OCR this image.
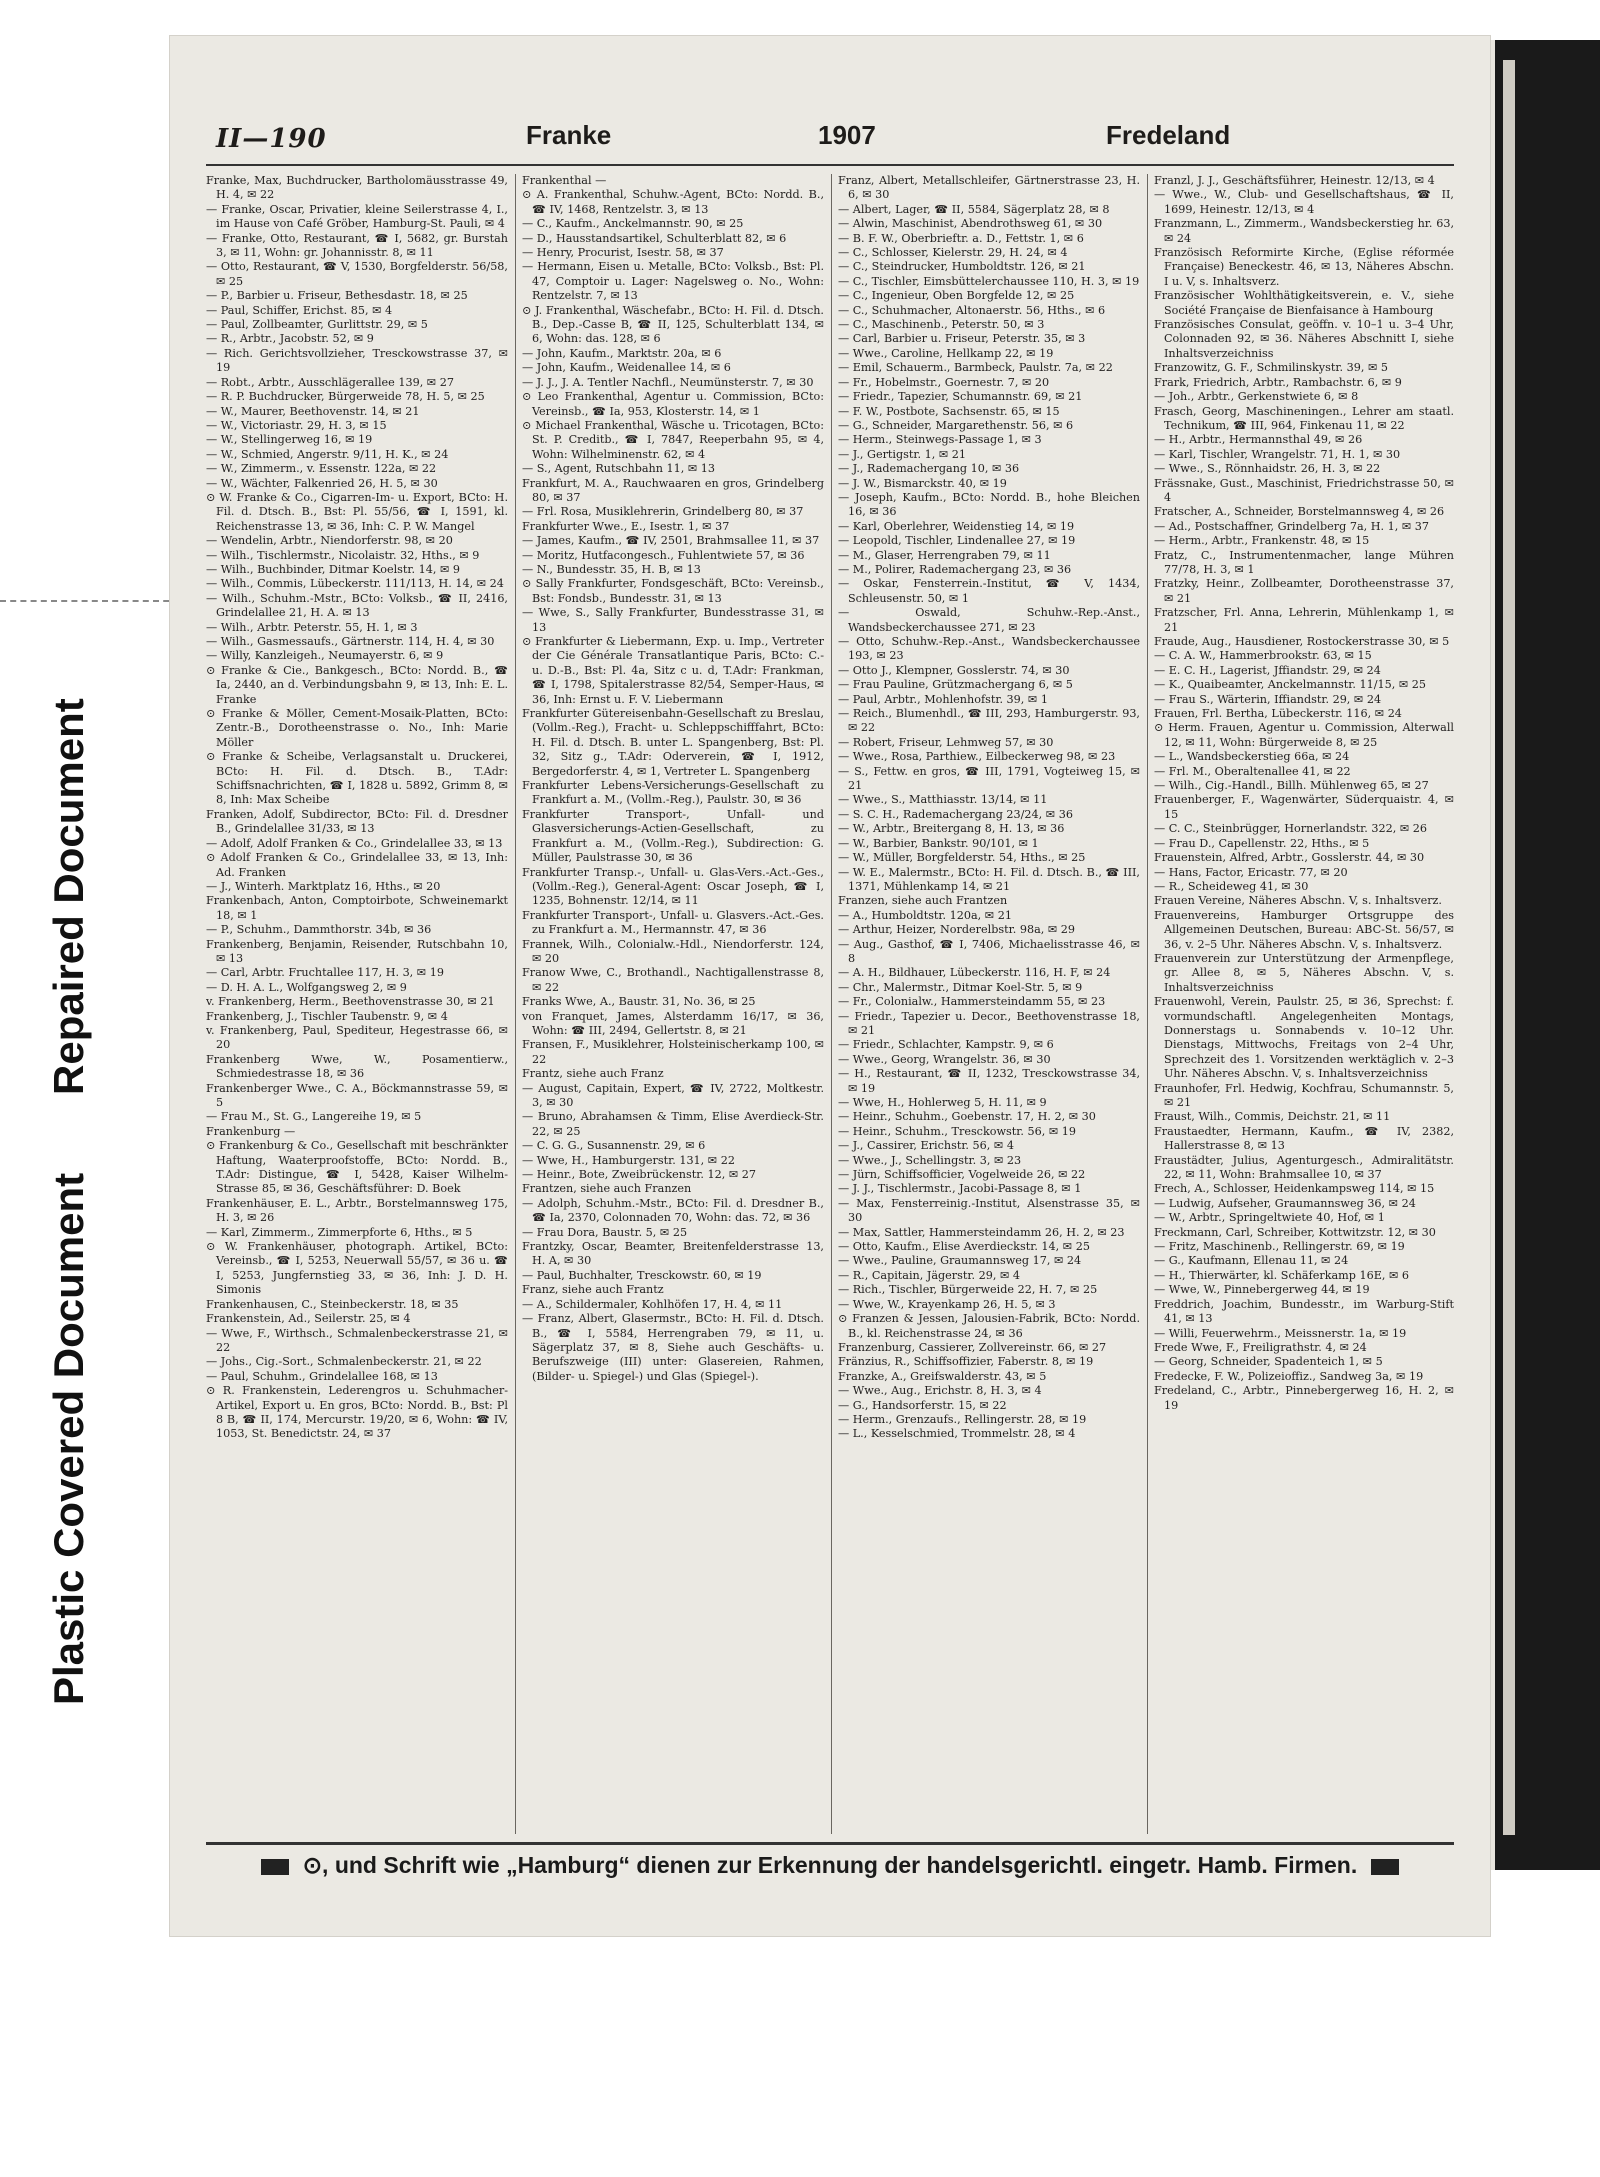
Repaired Document
Plastic Covered Document
II—190	Franke	1907	Fredeland
Franke, Max, Buchdrucker, Bartholomäusstrasse 49, H. 4, ✉ 22
— Franke, Oscar, Privatier, kleine Seilerstrasse 4, I., im Hause von Café Gröber, Hamburg-St. Pauli, ✉ 4
— Franke, Otto, Restaurant, ☎ I, 5682, gr. Burstah 3, ✉ 11, Wohn: gr. Johannisstr. 8, ✉ 11
— Otto, Restaurant, ☎ V, 1530, Borgfelderstr. 56/58, ✉ 25
— P., Barbier u. Friseur, Bethesdastr. 18, ✉ 25
— Paul, Schiffer, Erichst. 85, ✉ 4
— Paul, Zollbeamter, Gurlittstr. 29, ✉ 5
— R., Arbtr., Jacobstr. 52, ✉ 9
— Rich. Gerichtsvollzieher, Tresckowstrasse 37, ✉ 19
— Robt., Arbtr., Ausschlägerallee 139, ✉ 27
— R. P. Buchdrucker, Bürgerweide 78, H. 5, ✉ 25
— W., Maurer, Beethovenstr. 14, ✉ 21
— W., Victoriastr. 29, H. 3, ✉ 15
— W., Stellingerweg 16, ✉ 19
— W., Schmied, Angerstr. 9/11, H. K., ✉ 24
— W., Zimmerm., v. Essenstr. 122a, ✉ 22
— W., Wächter, Falkenried 26, H. 5, ✉ 30
⊙ W. Franke & Co., Cigarren-Im- u. Export, BCto: H. Fil. d. Dtsch. B., Bst: Pl. 55/56, ☎ I, 1591, kl. Reichenstrasse 13, ✉ 36, Inh: C. P. W. Mangel
— Wendelin, Arbtr., Niendorferstr. 98, ✉ 20
— Wilh., Tischlermstr., Nicolaistr. 32, Hths., ✉ 9
— Wilh., Buchbinder, Ditmar Koelstr. 14, ✉ 9
— Wilh., Commis, Lübeckerstr. 111/113, H. 14, ✉ 24
— Wilh., Schuhm.-Mstr., BCto: Volksb., ☎ II, 2416, Grindelallee 21, H. A. ✉ 13
— Wilh., Arbtr. Peterstr. 55, H. 1, ✉ 3
— Wilh., Gasmessaufs., Gärtnerstr. 114, H. 4, ✉ 30
— Willy, Kanzleigeh., Neumayerstr. 6, ✉ 9
⊙ Franke & Cie., Bankgesch., BCto: Nordd. B., ☎ Ia, 2440, an d. Verbindungsbahn 9, ✉ 13, Inh: E. L. Franke
⊙ Franke & Möller, Cement-Mosaik-Platten, BCto: Zentr.-B., Dorotheenstrasse o. No., Inh: Marie Möller
⊙ Franke & Scheibe, Verlagsanstalt u. Druckerei, BCto: H. Fil. d. Dtsch. B., T.Adr: Schiffsnachrichten, ☎ I, 1828 u. 5892, Grimm 8, ✉ 8, Inh: Max Scheibe
Franken, Adolf, Subdirector, BCto: Fil. d. Dresdner B., Grindelallee 31/33, ✉ 13
— Adolf, Adolf Franken & Co., Grindelallee 33, ✉ 13
⊙ Adolf Franken & Co., Grindelallee 33, ✉ 13, Inh: Ad. Franken
— J., Winterh. Marktplatz 16, Hths., ✉ 20
Frankenbach, Anton, Comptoirbote, Schweinemarkt 18, ✉ 1
— P., Schuhm., Dammthorstr. 34b, ✉ 36
Frankenberg, Benjamin, Reisender, Rutschbahn 10, ✉ 13
— Carl, Arbtr. Fruchtallee 117, H. 3, ✉ 19
— D. H. A. L., Wolfgangsweg 2, ✉ 9
v. Frankenberg, Herm., Beethovenstrasse 30, ✉ 21
Frankenberg, J., Tischler Taubenstr. 9, ✉ 4
v. Frankenberg, Paul, Spediteur, Hegestrasse 66, ✉ 20
Frankenberg Wwe, W., Posamentierw., Schmiedestrasse 18, ✉ 36
Frankenberger Wwe., C. A., Böckmannstrasse 59, ✉ 5
— Frau M., St. G., Langereihe 19, ✉ 5
Frankenburg —
⊙ Frankenburg & Co., Gesellschaft mit beschränkter Haftung, Waaterproofstoffe, BCto: Nordd. B., T.Adr: Distingue, ☎ I, 5428, Kaiser Wilhelm-Strasse 85, ✉ 36, Geschäftsführer: D. Boek
Frankenhäuser, E. L., Arbtr., Borstelmannsweg 175, H. 3, ✉ 26
— Karl, Zimmerm., Zimmerpforte 6, Hths., ✉ 5
⊙ W. Frankenhäuser, photograph. Artikel, BCto: Vereinsb., ☎ I, 5253, Neuerwall 55/57, ✉ 36 u. ☎ I, 5253, Jungfernstieg 33, ✉ 36, Inh: J. D. H. Simonis
Frankenhausen, C., Steinbeckerstr. 18, ✉ 35
Frankenstein, Ad., Seilerstr. 25, ✉ 4
— Wwe, F., Wirthsch., Schmalenbeckerstrasse 21, ✉ 22
— Johs., Cig.-Sort., Schmalenbeckerstr. 21, ✉ 22
— Paul, Schuhm., Grindelallee 168, ✉ 13
⊙ R. Frankenstein, Lederengros u. Schuhmacher-Artikel, Export u. En gros, BCto: Nordd. B., Bst: Pl 8 B, ☎ II, 174, Mercurstr. 19/20, ✉ 6, Wohn: ☎ IV, 1053, St. Benedictstr. 24, ✉ 37
Frankenthal —
⊙ A. Frankenthal, Schuhw.-Agent, BCto: Nordd. B., ☎ IV, 1468, Rentzelstr. 3, ✉ 13
— C., Kaufm., Anckelmannstr. 90, ✉ 25
— D., Hausstandsartikel, Schulterblatt 82, ✉ 6
— Henry, Procurist, Isestr. 58, ✉ 37
— Hermann, Eisen u. Metalle, BCto: Volksb., Bst: Pl. 47, Comptoir u. Lager: Nagelsweg o. No., Wohn: Rentzelstr. 7, ✉ 13
⊙ J. Frankenthal, Wäschefabr., BCto: H. Fil. d. Dtsch. B., Dep.-Casse B, ☎ II, 125, Schulterblatt 134, ✉ 6, Wohn: das. 128, ✉ 6
— John, Kaufm., Marktstr. 20a, ✉ 6
— John, Kaufm., Weidenallee 14, ✉ 6
— J. J., J. A. Tentler Nachfl., Neumünsterstr. 7, ✉ 30
⊙ Leo Frankenthal, Agentur u. Commission, BCto: Vereinsb., ☎ Ia, 953, Klosterstr. 14, ✉ 1
⊙ Michael Frankenthal, Wäsche u. Tricotagen, BCto: St. P. Creditb., ☎ I, 7847, Reeperbahn 95, ✉ 4, Wohn: Wilhelminenstr. 62, ✉ 4
— S., Agent, Rutschbahn 11, ✉ 13
Frankfurt, M. A., Rauchwaaren en gros, Grindelberg 80, ✉ 37
— Frl. Rosa, Musiklehrerin, Grindelberg 80, ✉ 37
Frankfurter Wwe., E., Isestr. 1, ✉ 37
— James, Kaufm., ☎ IV, 2501, Brahmsallee 11, ✉ 37
— Moritz, Hutfacongesch., Fuhlentwiete 57, ✉ 36
— N., Bundesstr. 35, H. B, ✉ 13
⊙ Sally Frankfurter, Fondsgeschäft, BCto: Vereinsb., Bst: Fondsb., Bundesstr. 31, ✉ 13
— Wwe, S., Sally Frankfurter, Bundesstrasse 31, ✉ 13
⊙ Frankfurter & Liebermann, Exp. u. Imp., Vertreter der Cie Générale Transatlantique Paris, BCto: C.- u. D.-B., Bst: Pl. 4a, Sitz c u. d, T.Adr: Frankman, ☎ I, 1798, Spitalerstrasse 82/54, Semper-Haus, ✉ 36, Inh: Ernst u. F. V. Liebermann
Frankfurter Gütereisenbahn-Gesellschaft zu Breslau, (Vollm.-Reg.), Fracht- u. Schleppschifffahrt, BCto: H. Fil. d. Dtsch. B. unter L. Spangenberg, Bst: Pl. 32, Sitz g., T.Adr: Oderverein, ☎ I, 1912, Bergedorferstr. 4, ✉ 1, Vertreter L. Spangenberg
Frankfurter Lebens-Versicherungs-Gesellschaft zu Frankfurt a. M., (Vollm.-Reg.), Paulstr. 30, ✉ 36
Frankfurter Transport-, Unfall- und Glasversicherungs-Actien-Gesellschaft, zu Frankfurt a. M., (Vollm.-Reg.), Subdirection: G. Müller, Paulstrasse 30, ✉ 36
Frankfurter Transp.-, Unfall- u. Glas-Vers.-Act.-Ges., (Vollm.-Reg.), General-Agent: Oscar Joseph, ☎ I, 1235, Bohnenstr. 12/14, ✉ 11
Frankfurter Transport-, Unfall- u. Glasvers.-Act.-Ges. zu Frankfurt a. M., Hermannstr. 47, ✉ 36
Frannek, Wilh., Colonialw.-Hdl., Niendorferstr. 124, ✉ 20
Franow Wwe, C., Brothandl., Nachtigallenstrasse 8, ✉ 22
Franks Wwe, A., Baustr. 31, No. 36, ✉ 25
von Franquet, James, Alsterdamm 16/17, ✉ 36, Wohn: ☎ III, 2494, Gellertstr. 8, ✉ 21
Fransen, F., Musiklehrer, Holsteinischerkamp 100, ✉ 22
Frantz, siehe auch Franz
— August, Capitain, Expert, ☎ IV, 2722, Moltkestr. 3, ✉ 30
— Bruno, Abrahamsen & Timm, Elise Averdieck-Str. 22, ✉ 25
— C. G. G., Susannenstr. 29, ✉ 6
— Wwe, H., Hamburgerstr. 131, ✉ 22
— Heinr., Bote, Zweibrückenstr. 12, ✉ 27
Frantzen, siehe auch Franzen
— Adolph, Schuhm.-Mstr., BCto: Fil. d. Dresdner B., ☎ Ia, 2370, Colonnaden 70, Wohn: das. 72, ✉ 36
— Frau Dora, Baustr. 5, ✉ 25
Frantzky, Oscar, Beamter, Breitenfelderstrasse 13, H. A, ✉ 30
— Paul, Buchhalter, Tresckowstr. 60, ✉ 19
Franz, siehe auch Frantz
— A., Schildermaler, Kohlhöfen 17, H. 4, ✉ 11
— Franz, Albert, Glasermstr., BCto: H. Fil. d. Dtsch. B., ☎ I, 5584, Herrengraben 79, ✉ 11, u. Sägerplatz 37, ✉ 8, Siehe auch Geschäfts- u. Berufszweige (III) unter: Glasereien, Rahmen, (Bilder- u. Spiegel-) und Glas (Spiegel-).
Franz, Albert, Metallschleifer, Gärtnerstrasse 23, H. 6, ✉ 30
— Albert, Lager, ☎ II, 5584, Sägerplatz 28, ✉ 8
— Alwin, Maschinist, Abendrothsweg 61, ✉ 30
— B. F. W., Oberbrieftr. a. D., Fettstr. 1, ✉ 6
— C., Schlosser, Kielerstr. 29, H. 24, ✉ 4
— C., Steindrucker, Humboldtstr. 126, ✉ 21
— C., Tischler, Eimsbüttelerchaussee 110, H. 3, ✉ 19
— C., Ingenieur, Oben Borgfelde 12, ✉ 25
— C., Schuhmacher, Altonaerstr. 56, Hths., ✉ 6
— C., Maschinenb., Peterstr. 50, ✉ 3
— Carl, Barbier u. Friseur, Peterstr. 35, ✉ 3
— Wwe., Caroline, Hellkamp 22, ✉ 19
— Emil, Schauerm., Barmbeck, Paulstr. 7a, ✉ 22
— Fr., Hobelmstr., Goernestr. 7, ✉ 20
— Friedr., Tapezier, Schumannstr. 69, ✉ 21
— F. W., Postbote, Sachsenstr. 65, ✉ 15
— G., Schneider, Margarethenstr. 56, ✉ 6
— Herm., Steinwegs-Passage 1, ✉ 3
— J., Gertigstr. 1, ✉ 21
— J., Rademachergang 10, ✉ 36
— J. W., Bismarckstr. 40, ✉ 19
— Joseph, Kaufm., BCto: Nordd. B., hohe Bleichen 16, ✉ 36
— Karl, Oberlehrer, Weidenstieg 14, ✉ 19
— Leopold, Tischler, Lindenallee 27, ✉ 19
— M., Glaser, Herrengraben 79, ✉ 11
— M., Polirer, Rademachergang 23, ✉ 36
— Oskar, Fensterrein.-Institut, ☎ V, 1434, Schleusenstr. 50, ✉ 1
— Oswald, Schuhw.-Rep.-Anst., Wandsbeckerchaussee 271, ✉ 23
— Otto, Schuhw.-Rep.-Anst., Wandsbeckerchaussee 193, ✉ 23
— Otto J., Klempner, Gosslerstr. 74, ✉ 30
— Frau Pauline, Grützmachergang 6, ✉ 5
— Paul, Arbtr., Mohlenhofstr. 39, ✉ 1
— Reich., Blumenhdl., ☎ III, 293, Hamburgerstr. 93, ✉ 22
— Robert, Friseur, Lehmweg 57, ✉ 30
— Wwe., Rosa, Parthiew., Eilbeckerweg 98, ✉ 23
— S., Fettw. en gros, ☎ III, 1791, Vogteiweg 15, ✉ 21
— Wwe., S., Matthiasstr. 13/14, ✉ 11
— S. C. H., Rademachergang 23/24, ✉ 36
— W., Arbtr., Breitergang 8, H. 13, ✉ 36
— W., Barbier, Bankstr. 90/101, ✉ 1
— W., Müller, Borgfelderstr. 54, Hths., ✉ 25
— W. E., Malermstr., BCto: H. Fil. d. Dtsch. B., ☎ III, 1371, Mühlenkamp 14, ✉ 21
Franzen, siehe auch Frantzen
— A., Humboldtstr. 120a, ✉ 21
— Arthur, Heizer, Norderelbstr. 98a, ✉ 29
— Aug., Gasthof, ☎ I, 7406, Michaelisstrasse 46, ✉ 8
— A. H., Bildhauer, Lübeckerstr. 116, H. F, ✉ 24
— Chr., Malermstr., Ditmar Koel-Str. 5, ✉ 9
— Fr., Colonialw., Hammersteindamm 55, ✉ 23
— Friedr., Tapezier u. Decor., Beethovenstrasse 18, ✉ 21
— Friedr., Schlachter, Kampstr. 9, ✉ 6
— Wwe., Georg, Wrangelstr. 36, ✉ 30
— H., Restaurant, ☎ II, 1232, Tresckowstrasse 34, ✉ 19
— Wwe, H., Hohlerweg 5, H. 11, ✉ 9
— Heinr., Schuhm., Goebenstr. 17, H. 2, ✉ 30
— Heinr., Schuhm., Tresckowstr. 56, ✉ 19
— J., Cassirer, Erichstr. 56, ✉ 4
— Wwe., J., Schellingstr. 3, ✉ 23
— Jürn, Schiffsofficier, Vogelweide 26, ✉ 22
— J. J., Tischlermstr., Jacobi-Passage 8, ✉ 1
— Max, Fensterreinig.-Institut, Alsenstrasse 35, ✉ 30
— Max, Sattler, Hammersteindamm 26, H. 2, ✉ 23
— Otto, Kaufm., Elise Averdieckstr. 14, ✉ 25
— Wwe., Pauline, Graumannsweg 17, ✉ 24
— R., Capitain, Jägerstr. 29, ✉ 4
— Rich., Tischler, Bürgerweide 22, H. 7, ✉ 25
— Wwe, W., Krayenkamp 26, H. 5, ✉ 3
⊙ Franzen & Jessen, Jalousien-Fabrik, BCto: Nordd. B., kl. Reichenstrasse 24, ✉ 36
Franzenburg, Cassierer, Zollvereinstr. 66, ✉ 27
Fränzius, R., Schiffsoffizier, Faberstr. 8, ✉ 19
Franzke, A., Greifswalderstr. 43, ✉ 5
— Wwe., Aug., Erichstr. 8, H. 3, ✉ 4
— G., Handsorferstr. 15, ✉ 22
— Herm., Grenzaufs., Rellingerstr. 28, ✉ 19
— L., Kesselschmied, Trommelstr. 28, ✉ 4
Franzl, J. J., Geschäftsführer, Heinestr. 12/13, ✉ 4
— Wwe., W., Club- und Gesellschaftshaus, ☎ II, 1699, Heinestr. 12/13, ✉ 4
Franzmann, L., Zimmerm., Wandsbeckerstieg hr. 63, ✉ 24
Französisch Reformirte Kirche, (Eglise réformée Française) Beneckestr. 46, ✉ 13, Näheres Abschn. I u. V, s. Inhaltsverz.
Französischer Wohlthätigkeitsverein, e. V., siehe Société Française de Bienfaisance à Hambourg
Französisches Consulat, geöffn. v. 10–1 u. 3–4 Uhr, Colonnaden 92, ✉ 36. Näheres Abschnitt I, siehe Inhaltsverzeichniss
Franzowitz, G. F., Schmilinskystr. 39, ✉ 5
Frark, Friedrich, Arbtr., Rambachstr. 6, ✉ 9
— Joh., Arbtr., Gerkenstwiete 6, ✉ 8
Frasch, Georg, Maschineningen., Lehrer am staatl. Technikum, ☎ III, 964, Finkenau 11, ✉ 22
— H., Arbtr., Hermannsthal 49, ✉ 26
— Karl, Tischler, Wrangelstr. 71, H. 1, ✉ 30
— Wwe., S., Rönnhaidstr. 26, H. 3, ✉ 22
Frässnake, Gust., Maschinist, Friedrichstrasse 50, ✉ 4
Fratscher, A., Schneider, Borstelmannsweg 4, ✉ 26
— Ad., Postschaffner, Grindelberg 7a, H. 1, ✉ 37
— Herm., Arbtr., Frankenstr. 48, ✉ 15
Fratz, C., Instrumentenmacher, lange Mühren 77/78, H. 3, ✉ 1
Fratzky, Heinr., Zollbeamter, Dorotheenstrasse 37, ✉ 21
Fratzscher, Frl. Anna, Lehrerin, Mühlenkamp 1, ✉ 21
Fraude, Aug., Hausdiener, Rostockerstrasse 30, ✉ 5
— C. A. W., Hammerbrookstr. 63, ✉ 15
— E. C. H., Lagerist, Jffiandstr. 29, ✉ 24
— K., Quaibeamter, Anckelmannstr. 11/15, ✉ 25
— Frau S., Wärterin, Iffiandstr. 29, ✉ 24
Frauen, Frl. Bertha, Lübeckerstr. 116, ✉ 24
⊙ Herm. Frauen, Agentur u. Commission, Alterwall 12, ✉ 11, Wohn: Bürgerweide 8, ✉ 25
— L., Wandsbeckerstieg 66a, ✉ 24
— Frl. M., Oberaltenallee 41, ✉ 22
— Wilh., Cig.-Handl., Billh. Mühlenweg 65, ✉ 27
Frauenberger, F., Wagenwärter, Süderquaistr. 4, ✉ 15
— C. C., Steinbrügger, Hornerlandstr. 322, ✉ 26
— Frau D., Capellenstr. 22, Hths., ✉ 5
Frauenstein, Alfred, Arbtr., Gosslerstr. 44, ✉ 30
— Hans, Factor, Ericastr. 77, ✉ 20
— R., Scheideweg 41, ✉ 30
Frauen Vereine, Näheres Abschn. V, s. Inhaltsverz.
Frauenvereins, Hamburger Ortsgruppe des Allgemeinen Deutschen, Bureau: ABC-St. 56/57, ✉ 36, v. 2–5 Uhr. Näheres Abschn. V, s. Inhaltsverz.
Frauenverein zur Unterstützung der Armenpflege, gr. Allee 8, ✉ 5, Näheres Abschn. V, s. Inhaltsverzeichniss
Frauenwohl, Verein, Paulstr. 25, ✉ 36, Sprechst: f. vormundschaftl. Angelegenheiten Montags, Donnerstags u. Sonnabends v. 10–12 Uhr. Dienstags, Mittwochs, Freitags von 2–4 Uhr, Sprechzeit des 1. Vorsitzenden werktäglich v. 2–3 Uhr. Näheres Abschn. V, s. Inhaltsverzeichniss
Fraunhofer, Frl. Hedwig, Kochfrau, Schumannstr. 5, ✉ 21
Fraust, Wilh., Commis, Deichstr. 21, ✉ 11
Fraustaedter, Hermann, Kaufm., ☎ IV, 2382, Hallerstrasse 8, ✉ 13
Fraustädter, Julius, Agenturgesch., Admiralitätstr. 22, ✉ 11, Wohn: Brahmsallee 10, ✉ 37
Frech, A., Schlosser, Heidenkampsweg 114, ✉ 15
— Ludwig, Aufseher, Graumannsweg 36, ✉ 24
— W., Arbtr., Springeltwiete 40, Hof, ✉ 1
Freckmann, Carl, Schreiber, Kottwitzstr. 12, ✉ 30
— Fritz, Maschinenb., Rellingerstr. 69, ✉ 19
— G., Kaufmann, Ellenau 11, ✉ 24
— H., Thierwärter, kl. Schäferkamp 16E, ✉ 6
— Wwe, W., Pinnebergerweg 44, ✉ 19
Freddrich, Joachim, Bundesstr., im Warburg-Stift 41, ✉ 13
— Willi, Feuerwehrm., Meissnerstr. 1a, ✉ 19
Frede Wwe, F., Freiligrathstr. 4, ✉ 24
— Georg, Schneider, Spadenteich 1, ✉ 5
Fredecke, F. W., Polizeioffiz., Sandweg 3a, ✉ 19
Fredeland, C., Arbtr., Pinnebergerweg 16, H. 2, ✉ 19
⊙, und Schrift wie „Hamburg“ dienen zur Erkennung der handelsgerichtl. eingetr. Hamb. Firmen.
